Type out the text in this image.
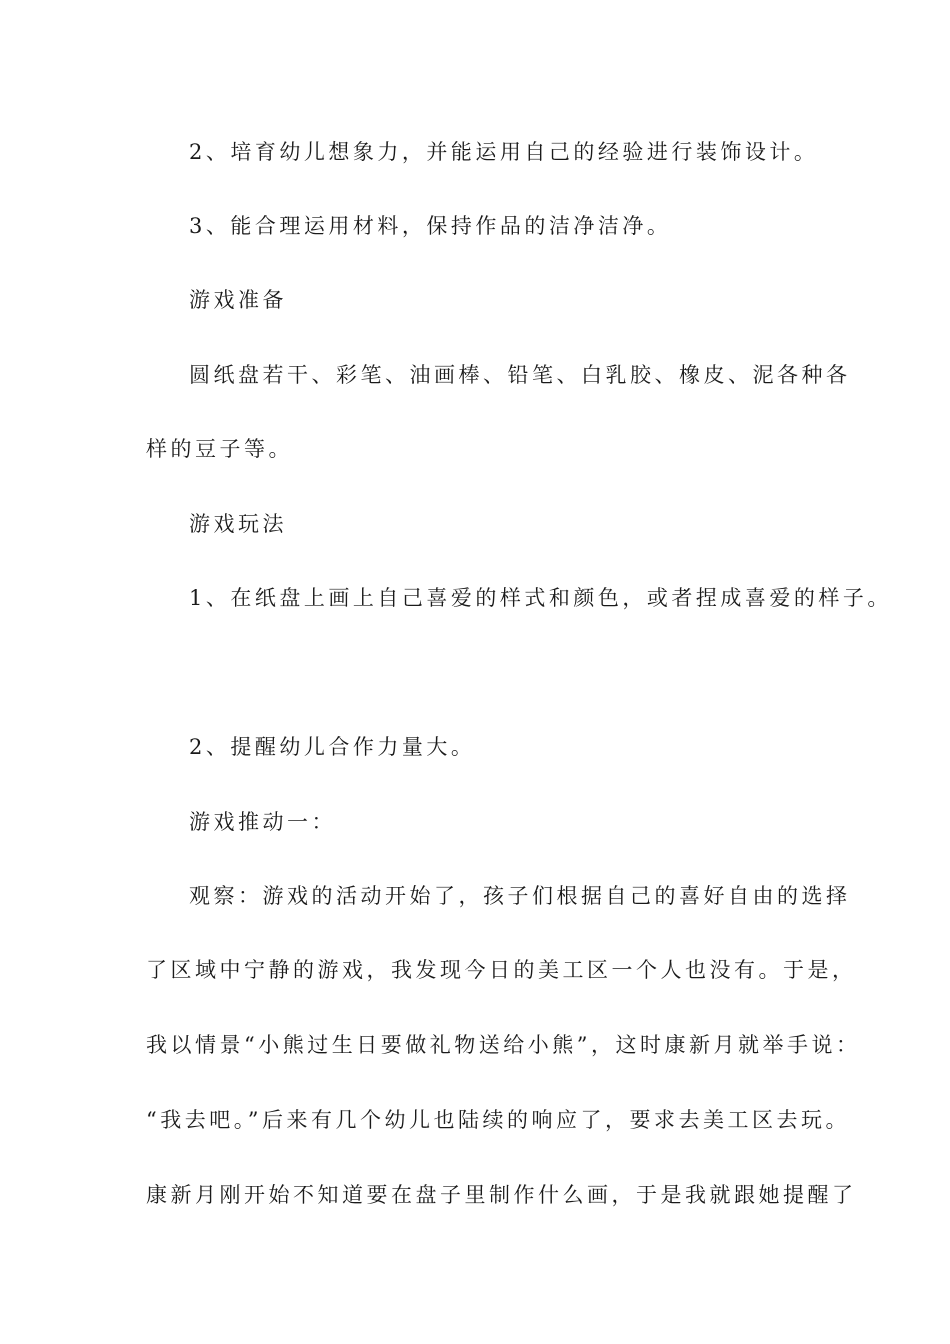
2、培育幼儿想象力，并能运用自己的经验进行装饰设计。
3、能合理运用材料，保持作品的洁净洁净。
游戏准备
圆纸盘若干、彩笔、油画棒、铅笔、白乳胶、橡皮、泥各种各
样的豆子等。
游戏玩法
1、在纸盘上画上自己喜爱的样式和颜色，或者捏成喜爱的样子。
2、提醒幼儿合作力量大。
游戏推动一：
观察：游戏的活动开始了，孩子们根据自己的喜好自由的选择
了区域中宁静的游戏，我发现今日的美工区一个人也没有。于是，
我以情景“小熊过生日要做礼物送给小熊”，这时康新月就举手说：
“我去吧。”后来有几个幼儿也陆续的响应了，要求去美工区去玩。
康新月刚开始不知道要在盘子里制作什么画，于是我就跟她提醒了
